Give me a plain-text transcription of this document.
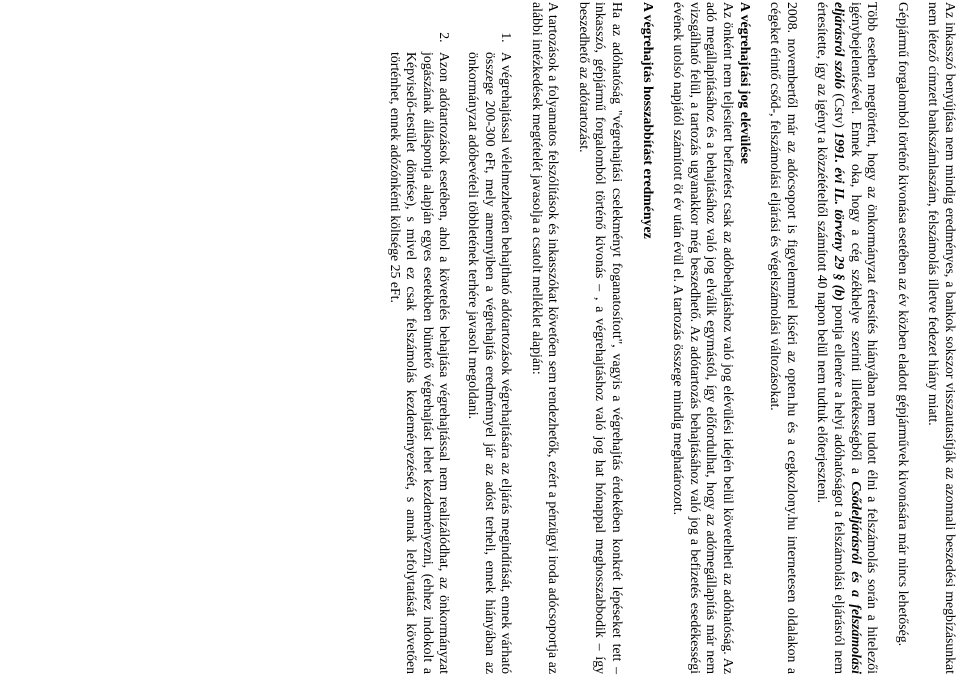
Az inkasszó benyújtása nem mindig eredményes, a bankok sokszor visszautasítják az azonnali beszedési megbízásunkat nem létező címzett bankszámlaszám, felszámolás illetve fedezet hiány miatt.

Gépjármű forgalomból történő kivonása esetében az év közben eladott gépjárművek kivonására már nincs lehetőség.

Több esetben megtörtént, hogy az önkormányzat értesítés hiányában nem tudott élni a felszámolás során a hitelezői igénybejelentésével. Ennek oka, hogy a cég székhelye szerinti illetékességből a Csődeljárásról és a felszámolási eljárásról szóló (Cstv) 1991. évi IL. törvény 29 § (b) pontja ellenére a helyi adóhatóságot a felszámolási eljárásról nem értesítette, így az igényt a közzétételtől számított 40 napon belül nem tudtuk előterjeszteni.

2008. novembertől már az adócsoport is figyelemmel kíséri az opten.hu és a cegkozlony.hu internetesen oldalakon a cégeket érintő csőd-, felszámolási eljárási és végelszámolási változásokat.

A végrehajtási jog elévülése

Az önként nem teljesített befizetést csak az adóbehajtáshoz való jog elévülési idején belül követelheti az adóhatóság. Az adó megállapításához és a behajtásához való jog elválik egymástól, így előfordulhat, hogy az adómegállapítás már nem vizsgálható felül, a tartozás ugyanakkor még beszedhető. Az adótartozás behajtásához való jog a befizetés esedékességi évének utolsó napjától számított öt év után évül el. A tartozás összege mindig meghatározott.

A végrehajtás hosszabbítást eredményez

Ha az adóhatóság "végrehajtási cselekményt foganatosított", vagyis a végrehajtás érdekében konkrét lépéseket tett – inkasszó, gépjármű forgalomból történő kivonás – , a végrehajtáshoz való jog hat hónappal meghosszabbodik – így beszedhető az adótartozást.

A tartozások a folyamatos felszólítások és inkasszókat követően sem rendezhetők, ezért a pénzügyi iroda adócsoportja az alábbi intézkedések megtételét javasolja a csatolt melléklet alapján:

1. A végrehajtással vélelmezhetően behajtható adótartozások végrehajtására az eljárás megindítását, ennek várható összege 200-300 eFt, mely amennyiben a végrehajtás eredménnyel jár az adóst terheli, ennek hiányában az önkormányzat adóbevételi többletének terhére javasolt megoldani.
2. Azon adótartozások esetében, ahol a követelés behajtása végrehajtással nem realizálódhat, az önkormányzat jogászának álláspontja alapján egyes esetekben büntető végrehajtást lehet kezdeményezni, (ehhez indokolt a Képviselő-testület döntése), s mivel ez csak felszámolás kezdeményezését, s annak lefolytatását követően történhet, ennek adózónkénti költsége 25 eFt.
